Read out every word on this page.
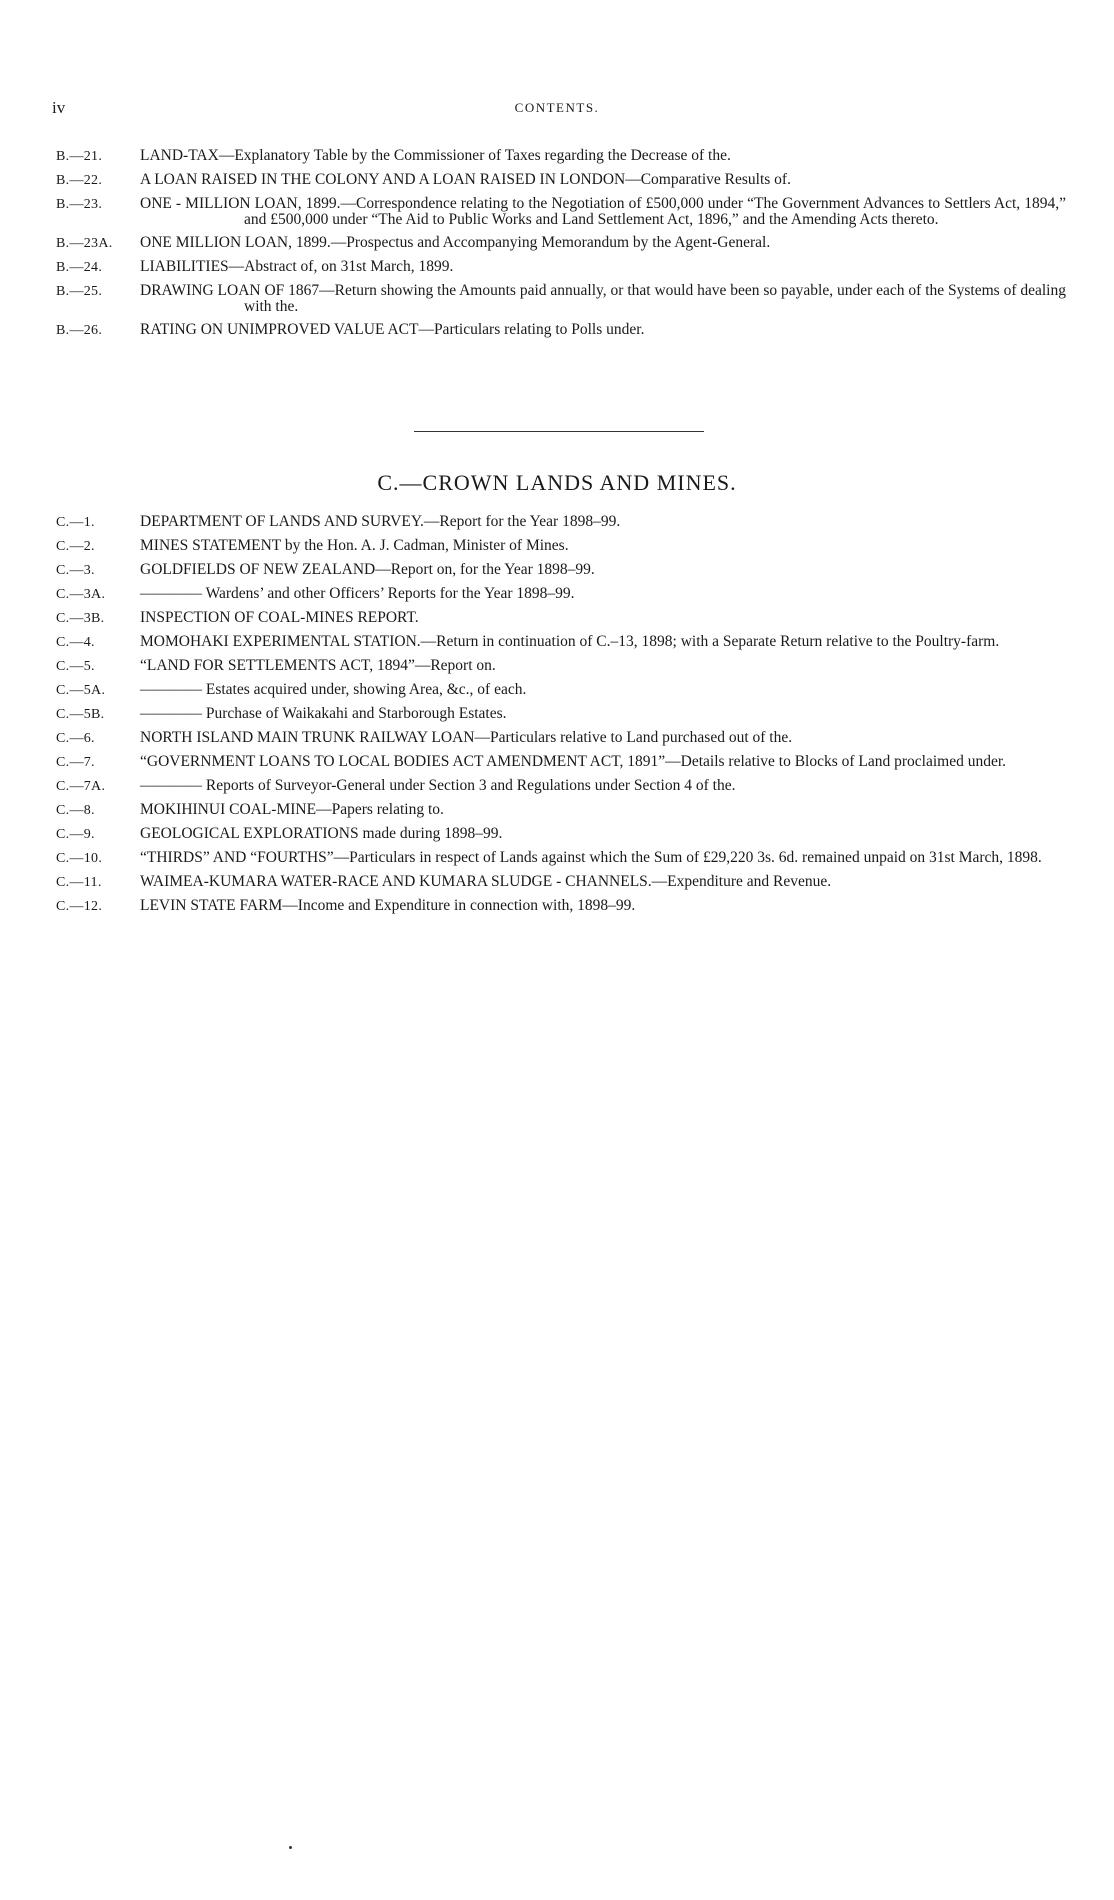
iv	CONTENTS.
B.—21.	LAND-TAX—Explanatory Table by the Commissioner of Taxes regarding the Decrease of the.
B.—22.	A LOAN RAISED IN THE COLONY AND A LOAN RAISED IN LONDON—Comparative Results of.
B.—23.	ONE - MILLION LOAN, 1899.—Correspondence relating to the Negotiation of £500,000 under “The Government Advances to Settlers Act, 1894,” and £500,000 under “The Aid to Public Works and Land Settlement Act, 1896,” and the Amending Acts thereto.
B.—23A.	ONE MILLION LOAN, 1899.—Prospectus and Accompanying Memorandum by the Agent-General.
B.—24.	LIABILITIES—Abstract of, on 31st March, 1899.
B.—25.	DRAWING LOAN OF 1867—Return showing the Amounts paid annually, or that would have been so payable, under each of the Systems of dealing with the.
B.—26.	RATING ON UNIMPROVED VALUE ACT—Particulars relating to Polls under.
C.—CROWN LANDS AND MINES.
C.—1.	DEPARTMENT OF LANDS AND SURVEY.—Report for the Year 1898–99.
C.—2.	MINES STATEMENT by the Hon. A. J. Cadman, Minister of Mines.
C.—3.	GOLDFIELDS OF NEW ZEALAND—Report on, for the Year 1898–99.
C.—3A.	———— Wardens’ and other Officers’ Reports for the Year 1898–99.
C.—3B.	INSPECTION OF COAL-MINES REPORT.
C.—4.	MOMOHAKI EXPERIMENTAL STATION.—Return in continuation of C.–13, 1898; with a Separate Return relative to the Poultry-farm.
C.—5.	“LAND FOR SETTLEMENTS ACT, 1894”—Report on.
C.—5A.	———— Estates acquired under, showing Area, &c., of each.
C.—5B.	———— Purchase of Waikakahi and Starborough Estates.
C.—6.	NORTH ISLAND MAIN TRUNK RAILWAY LOAN—Particulars relative to Land purchased out of the.
C.—7.	“GOVERNMENT LOANS TO LOCAL BODIES ACT AMENDMENT ACT, 1891”—Details relative to Blocks of Land proclaimed under.
C.—7A.	———— Reports of Surveyor-General under Section 3 and Regulations under Section 4 of the.
C.—8.	MOKIHINUI COAL-MINE—Papers relating to.
C.—9.	GEOLOGICAL EXPLORATIONS made during 1898–99.
C.—10.	“THIRDS” AND “FOURTHS”—Particulars in respect of Lands against which the Sum of £29,220 3s. 6d. remained unpaid on 31st March, 1898.
C.—11.	WAIMEA-KUMARA WATER-RACE AND KUMARA SLUDGE - CHANNELS.—Expenditure and Revenue.
C.—12.	LEVIN STATE FARM—Income and Expenditure in connection with, 1898–99.
